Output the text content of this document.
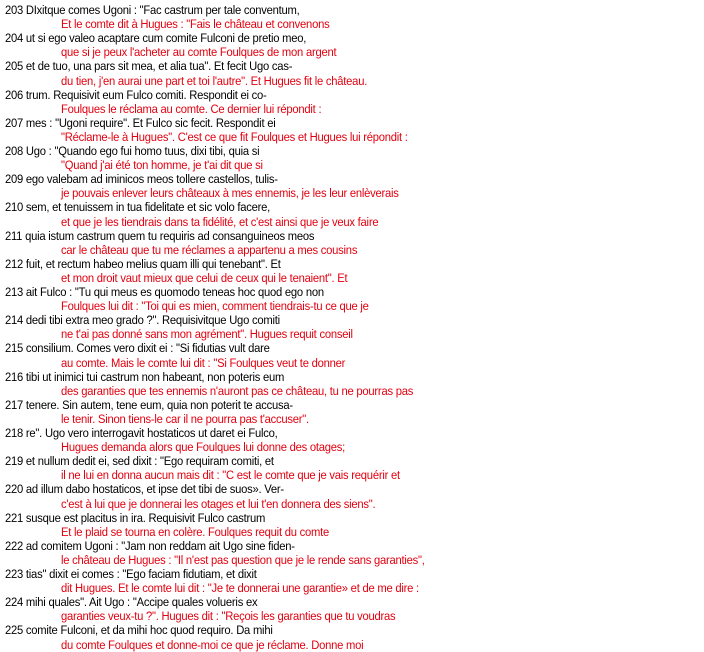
203 DIxitque comes Ugoni : "Fac castrum per tale conventum,
Et le comte dit à Hugues : "Fais le château et convenons
204 ut si ego valeo acaptare cum comite Fulconi de pretio meo,
que si je peux l'acheter au comte Foulques de mon argent
205 et de tuo, una pars sit mea, et alia tua". Et fecit Ugo cas-
du tien, j'en aurai une part et toi l'autre". Et Hugues fit le château.
206 trum. Requisivit eum Fulco comiti. Respondit ei co-
Foulques le réclama au comte. Ce dernier lui répondit :
207 mes : "Ugoni require". Et Fulco sic fecit. Respondit ei
"Réclame-le à Hugues". C'est ce que fit Foulques et Hugues lui répondit :
208 Ugo : "Quando ego fui homo tuus, dixi tibi, quia si
"Quand j'ai été ton homme, je t'ai dit que si
209 ego valebam ad iminicos meos tollere castellos, tulis-
je pouvais enlever leurs châteaux à mes ennemis, je les leur enlèverais
210 sem, et tenuissem in tua fidelitate et sic volo facere,
et que je les tiendrais dans ta fidélité, et c'est ainsi que je veux faire
211 quia istum castrum quem tu requiris ad consanguineos meos
car le château que tu me réclames a appartenu a mes cousins
212 fuit, et rectum habeo melius quam illi qui tenebant". Et
et mon droit vaut mieux que celui de ceux qui le tenaient". Et
213 ait Fulco : "Tu qui meus es quomodo teneas hoc quod ego non
Foulques lui dit : "Toi qui es mien, comment tiendrais-tu ce que je
214 dedi tibi extra meo grado ?". Requisivitque Ugo comiti
ne t'ai pas donné sans mon agrément". Hugues requit conseil
215 consilium. Comes vero dixit ei : "Si fidutias vult dare
au comte. Mais le comte lui dit : "Si Foulques veut te donner
216 tibi ut inimici tui castrum non habeant, non poteris eum
des garanties que tes ennemis n'auront pas ce château, tu ne pourras pas
217 tenere. Sin autem, tene eum, quia non poterit te accusa-
le tenir. Sinon tiens-le car il ne pourra pas t'accuser".
218 re". Ugo vero interrogavit hostaticos ut daret ei Fulco,
Hugues demanda alors que Foulques lui donne des otages;
219 et nullum dedit ei, sed dixit : "Ego requiram comiti, et
il ne lui en donna aucun mais dit : "C est le comte que je vais requérir et
220 ad illum dabo hostaticos, et ipse det tibi de suos». Ver-
c'est à lui que je donnerai les otages et lui t'en donnera des siens".
221 susque est placitus in ira. Requisivit Fulco castrum
Et le plaid se tourna en colère. Foulques requit du comte
222 ad comitem Ugoni : "Jam non reddam ait Ugo sine fiden-
le château de Hugues : "Il n'est pas question que je le rende sans garanties",
223 tias" dixit ei comes : "Ego faciam fidutiam, et dixit
dit Hugues. Et le comte lui dit : "Je te donnerai une garantie» et de me dire :
224 mihi quales". Ait Ugo : "Accipe quales volueris ex
garanties veux-tu ?". Hugues dit : "Reçois les garanties que tu voudras
225 comite Fulconi, et da mihi hoc quod requiro. Da mihi
du comte Foulques et donne-moi ce que je réclame. Donne moi
